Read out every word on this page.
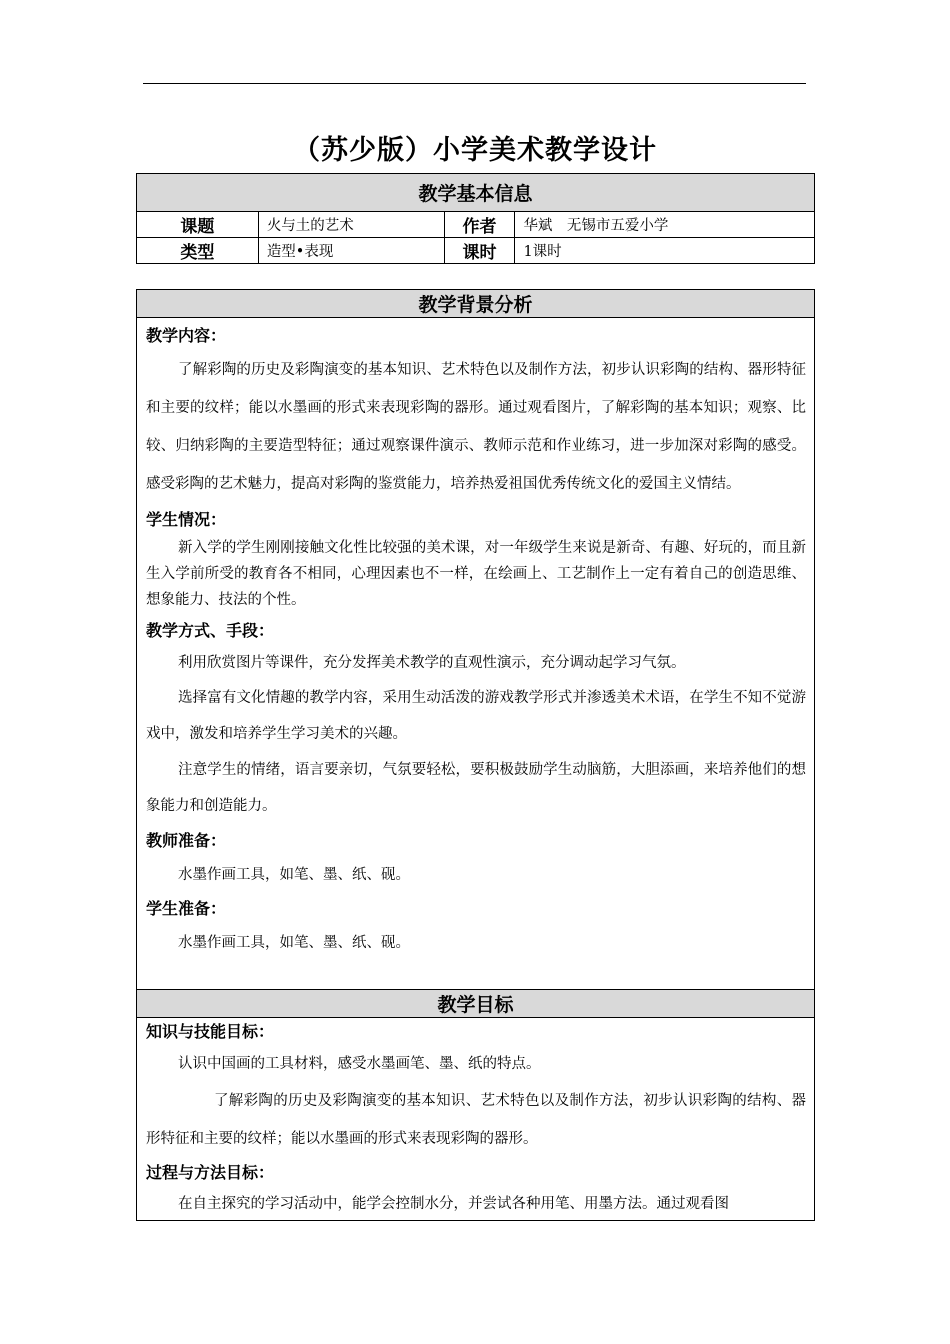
（苏少版）小学美术教学设计
教学基本信息			
课题	火与土的艺术	作者	华斌　无锡市五爱小学
类型	造型•表现	课时	1课时
教学背景分析

教学内容：

了解彩陶的历史及彩陶演变的基本知识、艺术特色以及制作方法，初步认识彩陶的结构、器形特征和主要的纹样；能以水墨画的形式来表现彩陶的器形。通过观看图片，了解彩陶的基本知识；观察、比较、归纳彩陶的主要造型特征；通过观察课件演示、教师示范和作业练习，进一步加深对彩陶的感受。感受彩陶的艺术魅力，提高对彩陶的鉴赏能力，培养热爱祖国优秀传统文化的爱国主义情结。

学生情况：

新入学的学生刚刚接触文化性比较强的美术课，对一年级学生来说是新奇、有趣、好玩的，而且新生入学前所受的教育各不相同，心理因素也不一样，在绘画上、工艺制作上一定有着自己的创造思维、想象能力、技法的个性。

教学方式、手段：

利用欣赏图片等课件，充分发挥美术教学的直观性演示，充分调动起学习气氛。

选择富有文化情趣的教学内容，采用生动活泼的游戏教学形式并渗透美术术语，在学生不知不觉游戏中，激发和培养学生学习美术的兴趣。

注意学生的情绪，语言要亲切，气氛要轻松，要积极鼓励学生动脑筋，大胆添画，来培养他们的想象能力和创造能力。

教师准备：

水墨作画工具，如笔、墨、纸、砚。

学生准备：

水墨作画工具，如笔、墨、纸、砚。

教学目标

知识与技能目标：

认识中国画的工具材料，感受水墨画笔、墨、纸的特点。

了解彩陶的历史及彩陶演变的基本知识、艺术特色以及制作方法，初步认识彩陶的结构、器形特征和主要的纹样；能以水墨画的形式来表现彩陶的器形。

过程与方法目标：

在自主探究的学习活动中，能学会控制水分，并尝试各种用笔、用墨方法。通过观看图
